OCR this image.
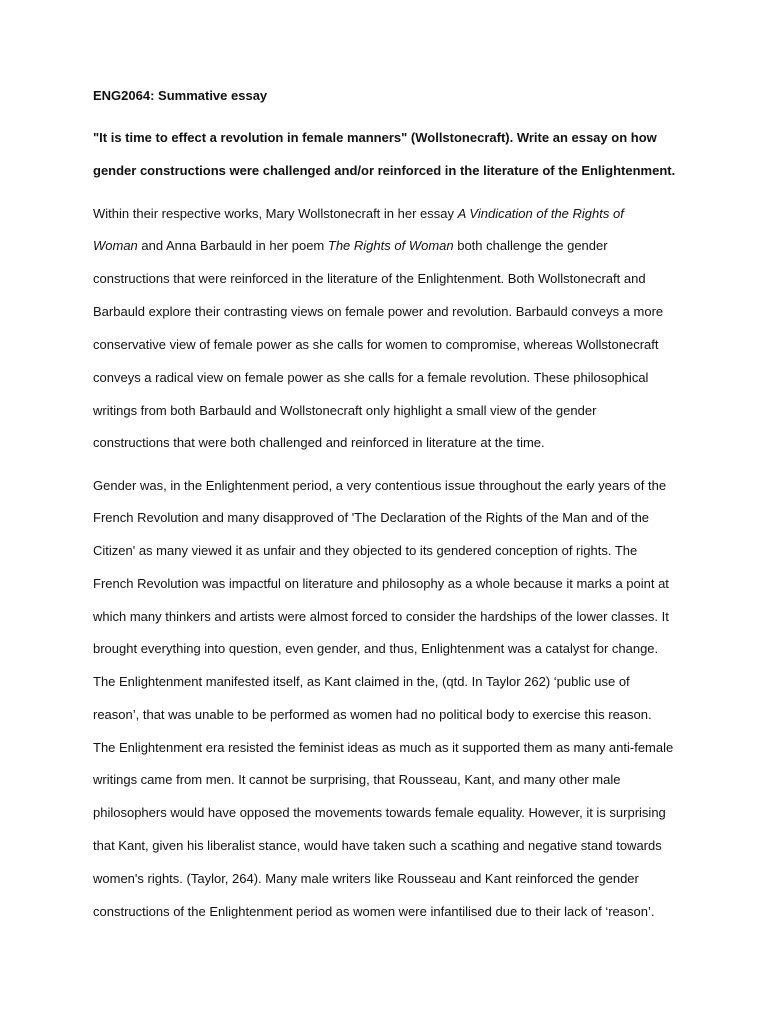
ENG2064: Summative essay
"It is time to effect a revolution in female manners" (Wollstonecraft). Write an essay on how
gender constructions were challenged and/or reinforced in the literature of the Enlightenment.
Within their respective works, Mary Wollstonecraft in her essay A Vindication of the Rights of
Woman and Anna Barbauld in her poem The Rights of Woman both challenge the gender
constructions that were reinforced in the literature of the Enlightenment. Both Wollstonecraft and
Barbauld explore their contrasting views on female power and revolution. Barbauld conveys a more
conservative view of female power as she calls for women to compromise, whereas Wollstonecraft
conveys a radical view on female power as she calls for a female revolution. These philosophical
writings from both Barbauld and Wollstonecraft only highlight a small view of the gender
constructions that were both challenged and reinforced in literature at the time.
Gender was, in the Enlightenment period, a very contentious issue throughout the early years of the
French Revolution and many disapproved of 'The Declaration of the Rights of the Man and of the
Citizen' as many viewed it as unfair and they objected to its gendered conception of rights. The
French Revolution was impactful on literature and philosophy as a whole because it marks a point at
which many thinkers and artists were almost forced to consider the hardships of the lower classes. It
brought everything into question, even gender, and thus, Enlightenment was a catalyst for change.
The Enlightenment manifested itself, as Kant claimed in the, (qtd. In Taylor 262) ‘public use of
reason’, that was unable to be performed as women had no political body to exercise this reason.
The Enlightenment era resisted the feminist ideas as much as it supported them as many anti-female
writings came from men. It cannot be surprising, that Rousseau, Kant, and many other male
philosophers would have opposed the movements towards female equality. However, it is surprising
that Kant, given his liberalist stance, would have taken such a scathing and negative stand towards
women's rights. (Taylor, 264). Many male writers like Rousseau and Kant reinforced the gender
constructions of the Enlightenment period as women were infantilised due to their lack of ‘reason’.
